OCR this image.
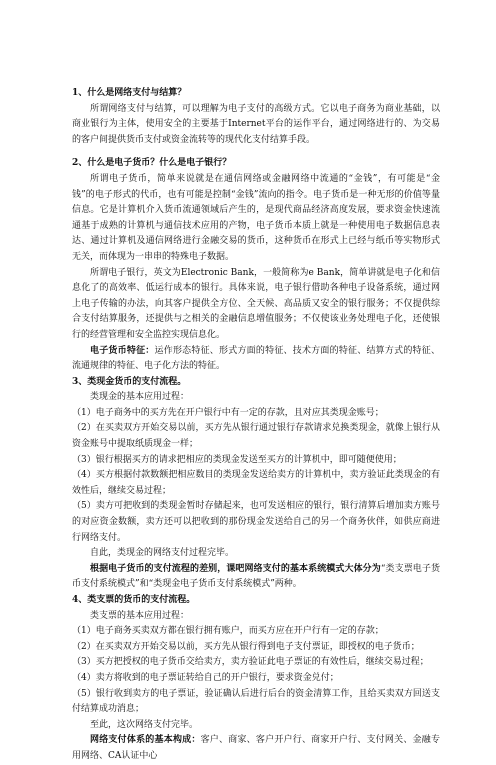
1、什么是网络支付与结算？

所谓网络支付与结算，可以理解为电子支付的高级方式。它以电子商务为商业基础，以商业银行为主体，使用安全的主要基于Internet平台的运作平台，通过网络进行的、为交易的客户间提供货币支付或资金流转等的现代化支付结算手段。

2、什么是电子货币？什么是电子银行？

所谓电子货币，简单来说就是在通信网络或金融网络中流通的“金钱”，有可能是“金钱”的电子形式的代币，也有可能是控制“金钱”流向的指令。电子货币是一种无形的价值等量信息。它是计算机介入货币流通领域后产生的，是现代商品经济高度发展，要求资金快速流通基于成熟的计算机与通信技术应用的产物，电子货币本质上就是一种使用电子数据信息表达、通过计算机及通信网络进行金融交易的货币，这种货币在形式上已经与纸币等实物形式无关，而体现为一串串的特殊电子数据。

所谓电子银行，英文为Electronic Bank，一般简称为e Bank，简单讲就是电子化和信息化了的高效率、低运行成本的银行。具体来说，电子银行借助各种电子设备系统，通过网上电子传输的办法，向其客户提供全方位、全天候、高品质又安全的银行服务；不仅提供综合支付结算服务，还提供与之相关的金融信息增值服务；不仅使该业务处理电子化，还使银行的经营管理和安全监控实现信息化。

电子货币特征：运作形态特征、形式方面的特征、技术方面的特征、结算方式的特征、流通规律的特征、电子化方法的特征。

3、类现金货币的支付流程。

类现金的基本应用过程：

（1）电子商务中的买方先在开户银行中有一定的存款，且对应其类现金账号；

（2）在买卖双方开始交易以前，买方先从银行通过银行存款请求兑换类现金，就像上银行从资金账号中提取纸质现金一样；

（3）银行根据买方的请求把相应的类现金发送至买方的计算机中，即可随便使用；

（4）买方根据付款数额把相应数目的类现金发送给卖方的计算机中，卖方验证此类现金的有效性后，继续交易过程；

（5）卖方可把收到的类现金暂时存储起来，也可发送相应的银行，银行清算后增加卖方账号的对应资金数额，卖方还可以把收到的那份现金发送给自己的另一个商务伙伴，如供应商进行网络支付。

自此，类现金的网络支付过程完毕。

根据电子货币的支付流程的差别，课吧网络支付的基本系统模式大体分为“类支票电子货币支付系统模式”和“类现金电子货币支付系统模式”两种。

4、类支票的货币的支付流程。

类支票的基本应用过程：

（1）电子商务买卖双方都在银行拥有账户，而买方应在开户行有一定的存款；

（2）在买卖双方开始交易以前，买方先从银行得到电子支付票证，即授权的电子货币；

（3）买方把授权的电子货币交给卖方，卖方验证此电子票证的有效性后，继续交易过程；

（4）卖方将收到的电子票证转给自己的开户银行，要求资金兑付；

（5）银行收到卖方的电子票证，验证确认后进行后台的资金清算工作，且给买卖双方回送支付结算成功消息；

至此，这次网络支付完毕。

网络支付体系的基本构成：客户、商家、客户开户行、商家开户行、支付网关、金融专用网络、CA认证中心
